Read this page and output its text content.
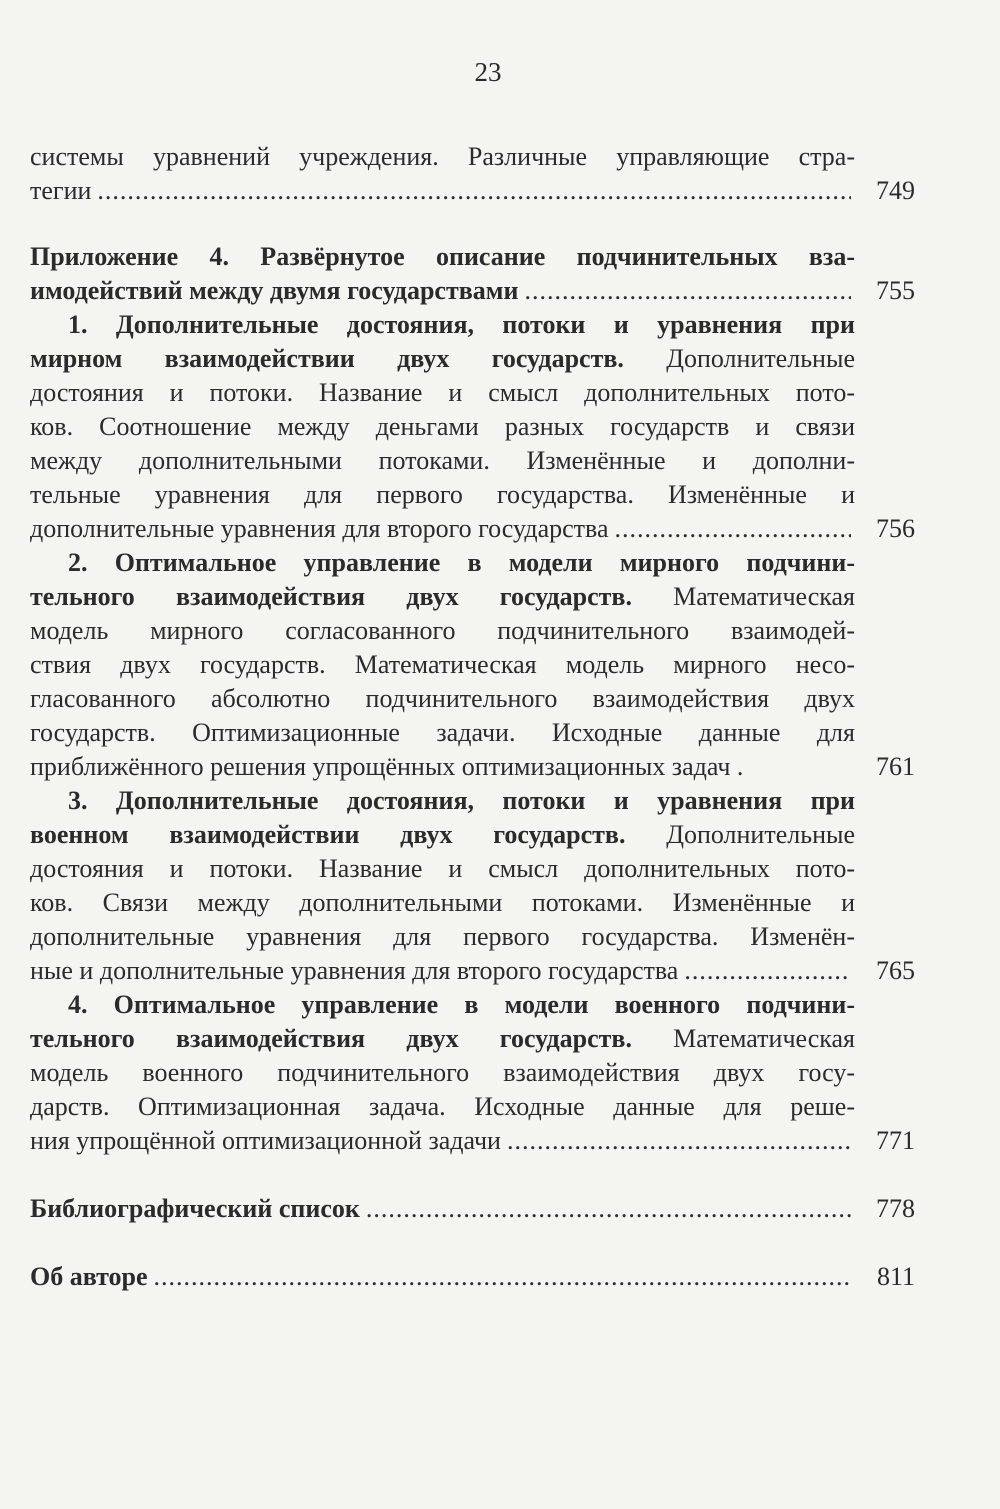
23
системы уравнений учреждения. Различные управляющие стра-
тегии .....	749
Приложение 4. Развёрнутое описание подчинительных вза-
имодействий между двумя государствами .....	755
1. Дополнительные достояния, потоки и уравнения при
мирном взаимодействии двух государств. Дополнительные
достояния и потоки. Название и смысл дополнительных пото-
ков. Соотношение между деньгами разных государств и связи
между дополнительными потоками. Изменённые и дополни-
тельные уравнения для первого государства. Изменённые и
дополнительные уравнения для второго государства .....	756
2. Оптимальное управление в модели мирного подчини-
тельного взаимодействия двух государств. Математическая
модель мирного согласованного подчинительного взаимодей-
ствия двух государств. Математическая модель мирного несо-
гласованного абсолютно подчинительного взаимодействия двух
государств. Оптимизационные задачи. Исходные данные для
приближённого решения упрощённых оптимизационных задач .	761
3. Дополнительные достояния, потоки и уравнения при
военном взаимодействии двух государств. Дополнительные
достояния и потоки. Название и смысл дополнительных пото-
ков. Связи между дополнительными потоками. Изменённые и
дополнительные уравнения для первого государства. Изменён-
ные и дополнительные уравнения для второго государства .....	765
4. Оптимальное управление в модели военного подчини-
тельного взаимодействия двух государств. Математическая
модель военного подчинительного взаимодействия двух госу-
дарств. Оптимизационная задача. Исходные данные для реше-
ния упрощённой оптимизационной задачи .....	771
Библиографический список .....	778
Об авторе .....	811
